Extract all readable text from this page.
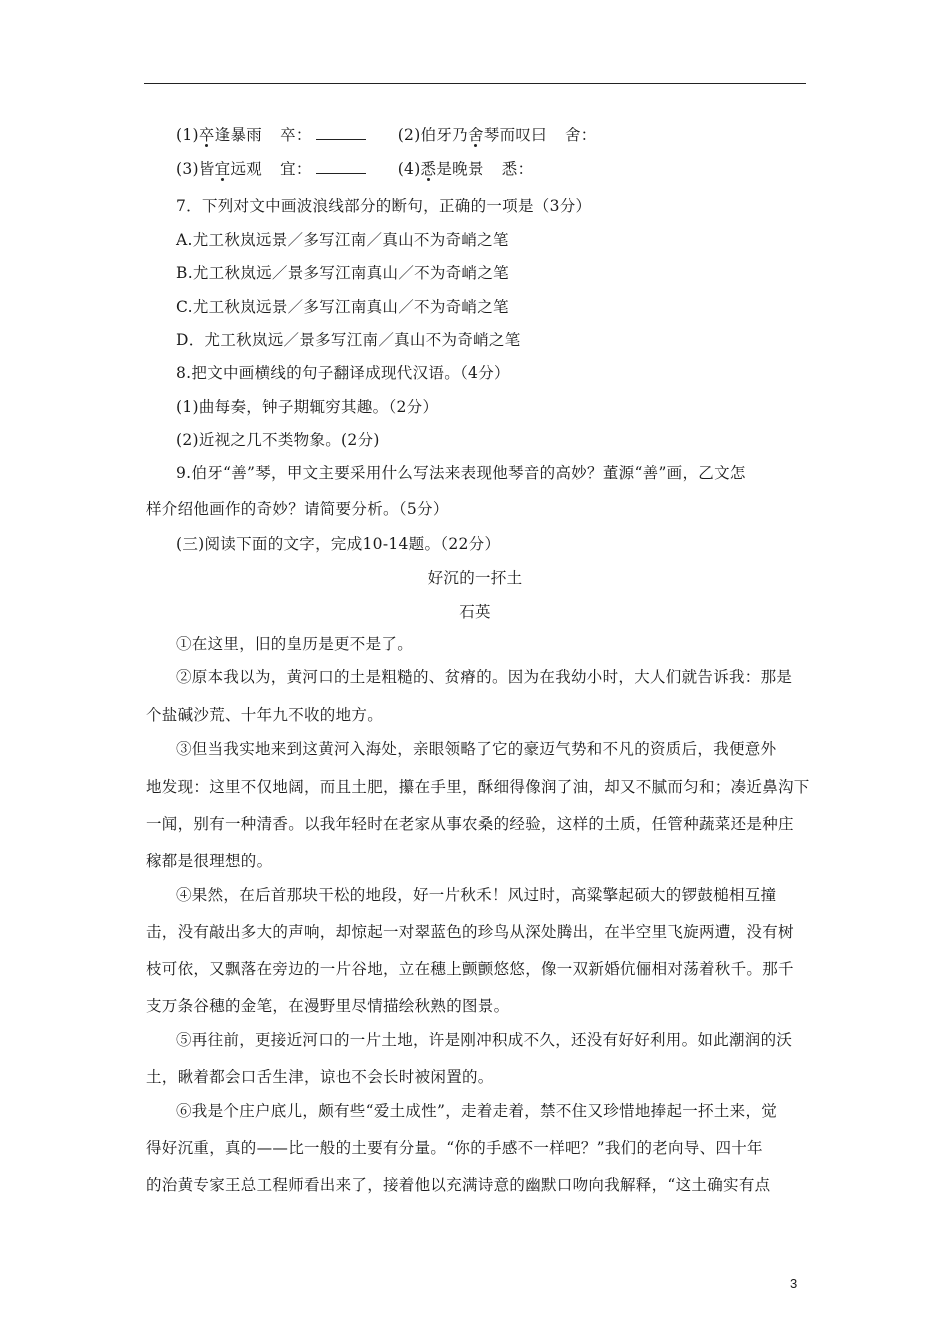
(1)卒逢暴雨 卒：	(2)伯牙乃舍琴而叹曰 舍：
(3)皆宜远观 宜：	(4)悉是晚景 悉：
7．下列对文中画波浪线部分的断句，正确的一项是（3分）
A.尤工秋岚远景／多写江南／真山不为奇峭之笔
B.尤工秋岚远／景多写江南真山／不为奇峭之笔
C.尤工秋岚远景／多写江南真山／不为奇峭之笔
D．尤工秋岚远／景多写江南／真山不为奇峭之笔
8.把文中画横线的句子翻译成现代汉语。（4分）
(1)曲每奏，钟子期辄穷其趣。（2分）
(2)近视之几不类物象。(2分)
9.伯牙“善”琴，甲文主要采用什么写法来表现他琴音的高妙？董源“善”画，乙文怎
样介绍他画作的奇妙？请简要分析。（5分）
(三)阅读下面的文字，完成10-14题。（22分）
好沉的一抔土
石英
①在这里，旧的皇历是更不是了。
②原本我以为，黄河口的土是粗糙的、贫瘠的。因为在我幼小时，大人们就告诉我：那是
个盐碱沙荒、十年九不收的地方。
③但当我实地来到这黄河入海处，亲眼领略了它的豪迈气势和不凡的资质后，我便意外
地发现：这里不仅地阔，而且土肥，攥在手里，酥细得像润了油，却又不腻而匀和；凑近鼻沟下
一闻，别有一种清香。以我年轻时在老家从事农桑的经验，这样的土质，任管种蔬菜还是种庄
稼都是很理想的。
④果然，在后首那块干松的地段，好一片秋禾！风过时，高粱擎起硕大的锣鼓槌相互撞
击，没有敲出多大的声响，却惊起一对翠蓝色的珍鸟从深处腾出，在半空里飞旋两遭，没有树
枝可依，又飘落在旁边的一片谷地，立在穗上颤颤悠悠，像一双新婚伉俪相对荡着秋千。那千
支万条谷穗的金笔，在漫野里尽情描绘秋熟的图景。
⑤再往前，更接近河口的一片土地，许是刚冲积成不久，还没有好好利用。如此潮润的沃
土，瞅着都会口舌生津，谅也不会长时被闲置的。
⑥我是个庄户底儿，颇有些“爱土成性”，走着走着，禁不住又珍惜地捧起一抔土来，觉
得好沉重，真的——比一般的土要有分量。“你的手感不一样吧？”我们的老向导、四十年
的治黄专家王总工程师看出来了，接着他以充满诗意的幽默口吻向我解释，“这土确实有点
3
